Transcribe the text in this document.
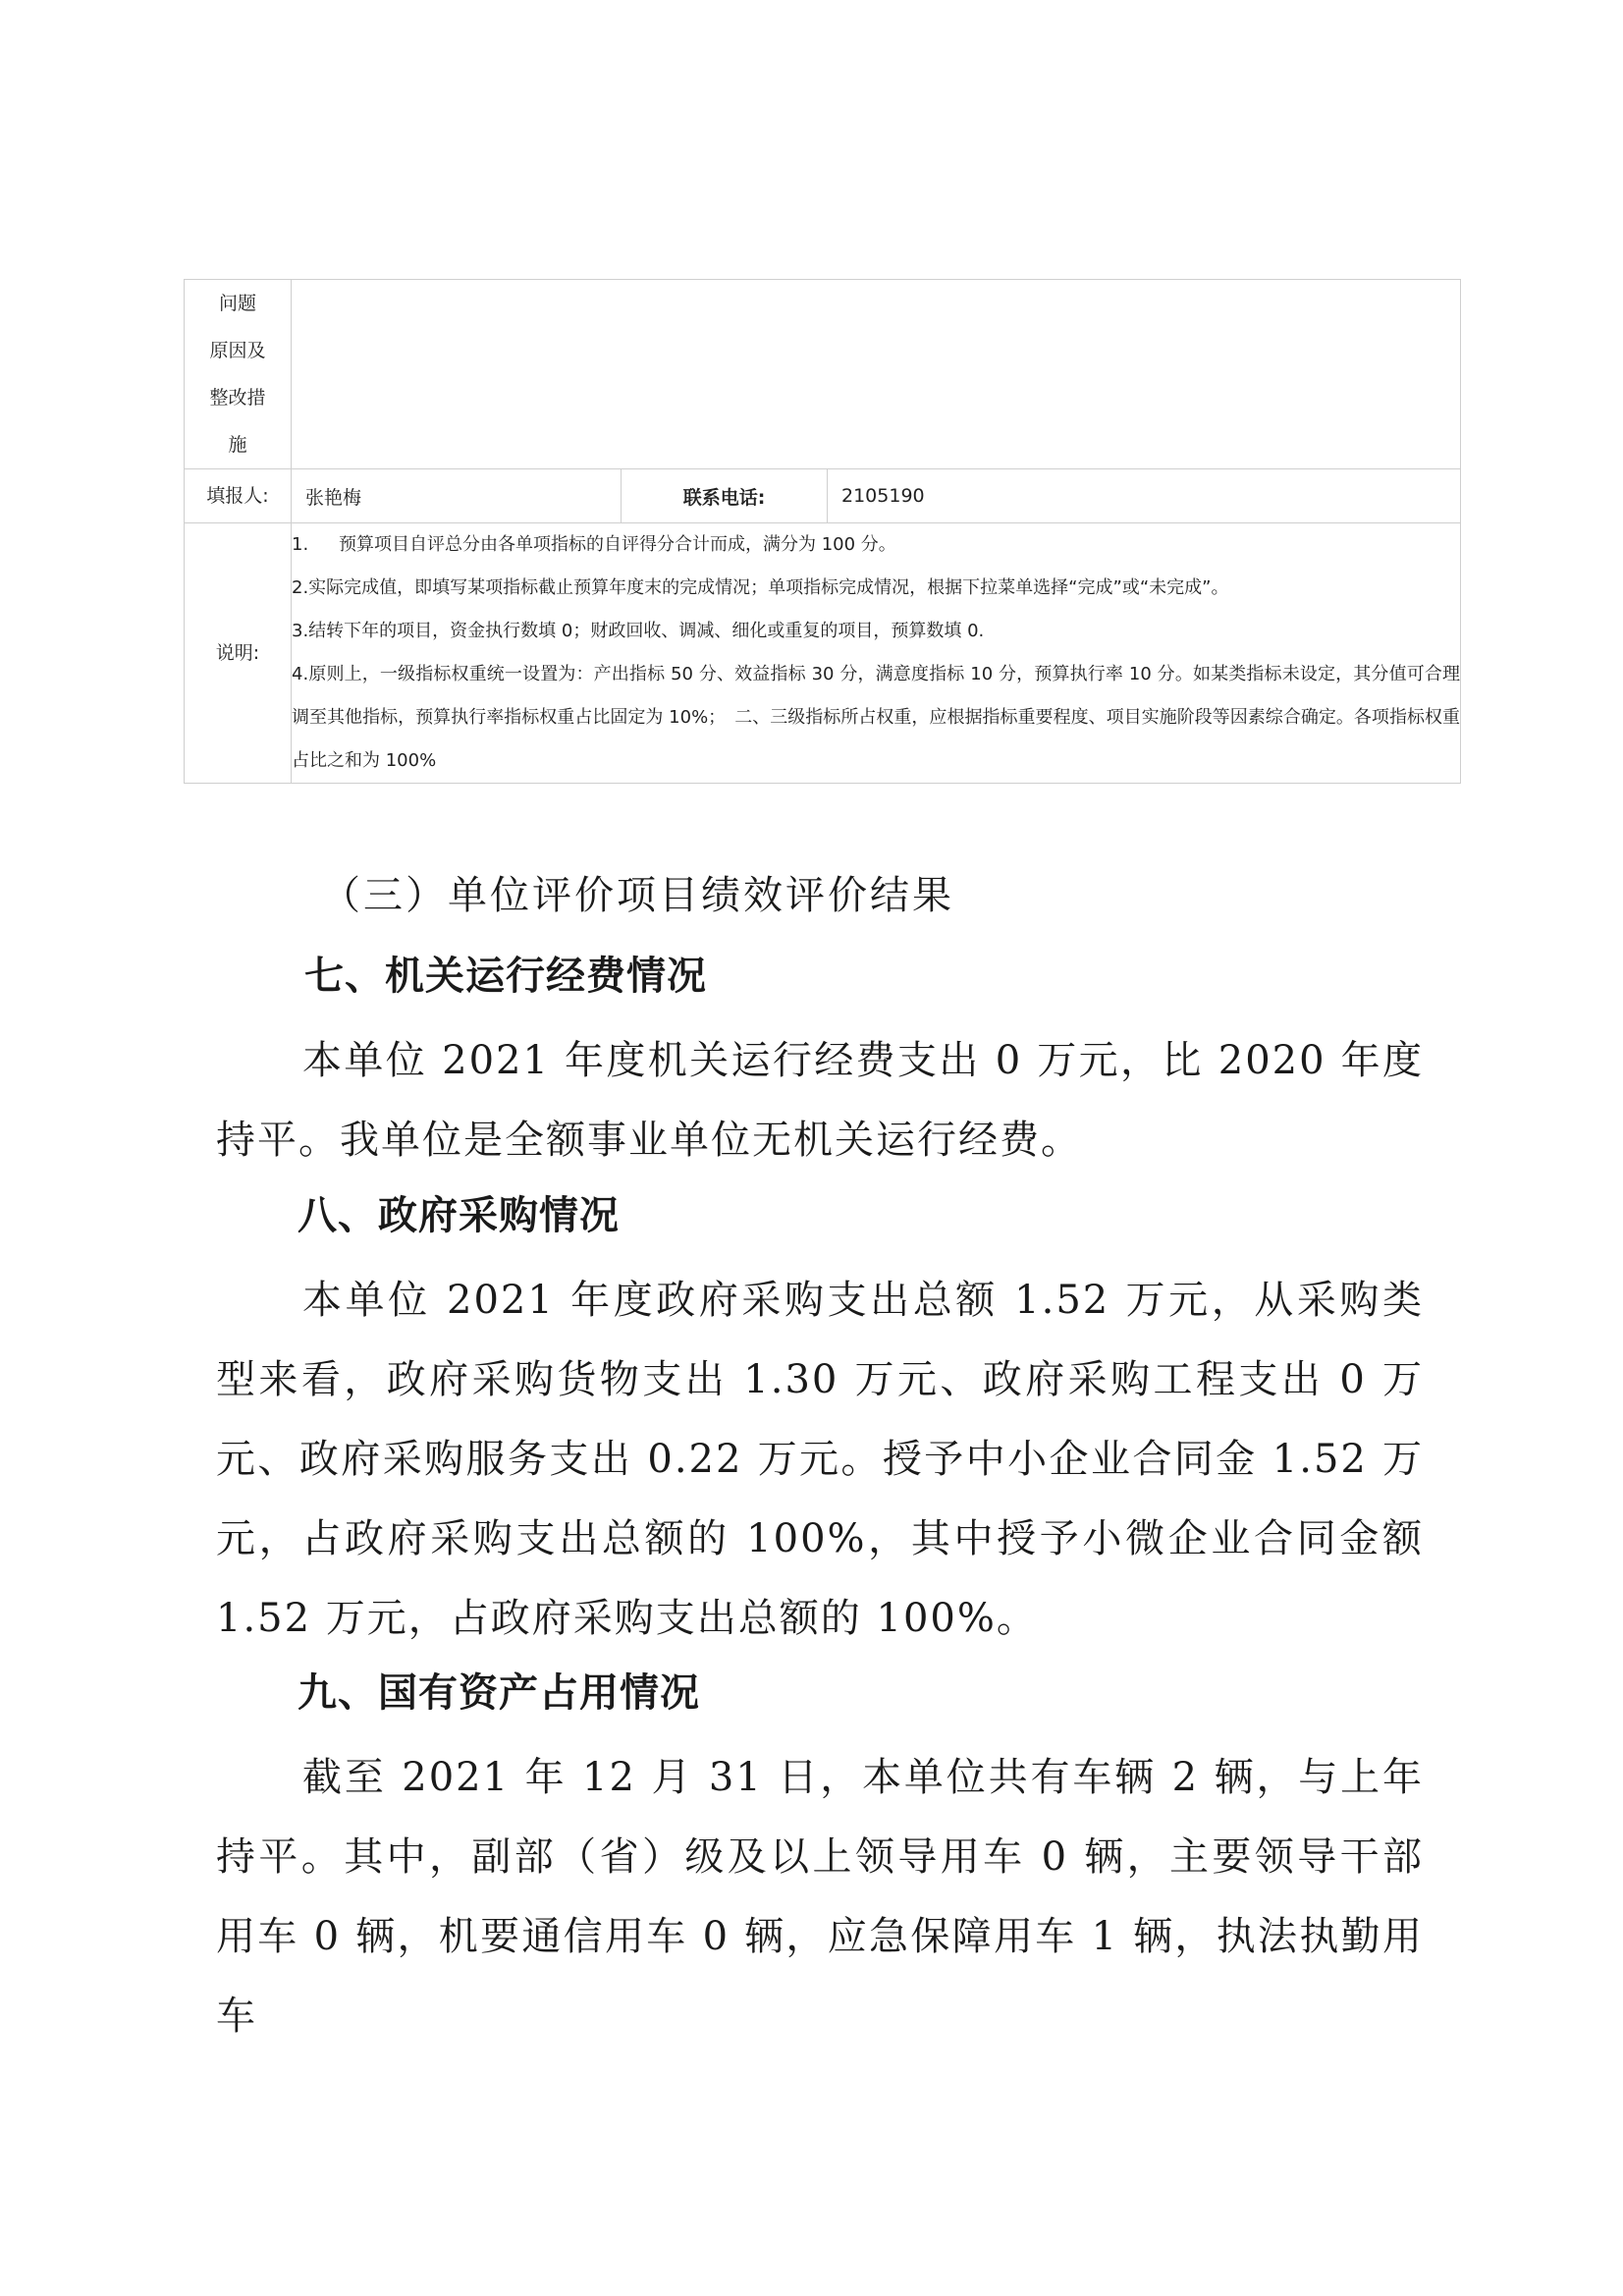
问题
原因及
整改措
施			
填报人:	张艳梅	联系电话:	2105190
说明:	1. 预算项目自评总分由各单项指标的自评得分合计而成，满分为 100 分。
2.实际完成值，即填写某项指标截止预算年度末的完成情况；单项指标完成情况，根据下拉菜单选择“完成”或“未完成”。
3.结转下年的项目，资金执行数填 0；财政回收、调减、细化或重复的项目，预算数填 0.
4.原则上，一级指标权重统一设置为：产出指标 50 分、效益指标 30 分，满意度指标 10 分，预算执行率 10 分。如某类指标未设定，其分值可合理调至其他指标，预算执行率指标权重占比固定为 10%；　二、三级指标所占权重，应根据指标重要程度、项目实施阶段等因素综合确定。各项指标权重占比之和为 100%		

（三）单位评价项目绩效评价结果

七、机关运行经费情况

本单位 2021 年度机关运行经费支出 0 万元，比 2020 年度持平。我单位是全额事业单位无机关运行经费。

八、政府采购情况

本单位 2021 年度政府采购支出总额 1.52 万元，从采购类型来看，政府采购货物支出 1.30 万元、政府采购工程支出 0 万元、政府采购服务支出 0.22 万元。授予中小企业合同金 1.52 万元，占政府采购支出总额的 100%，其中授予小微企业合同金额 1.52 万元，占政府采购支出总额的 100%。

九、国有资产占用情况

截至 2021 年 12 月 31 日，本单位共有车辆 2 辆，与上年持平。其中，副部（省）级及以上领导用车 0 辆，主要领导干部用车 0 辆，机要通信用车 0 辆，应急保障用车 1 辆，执法执勤用车
